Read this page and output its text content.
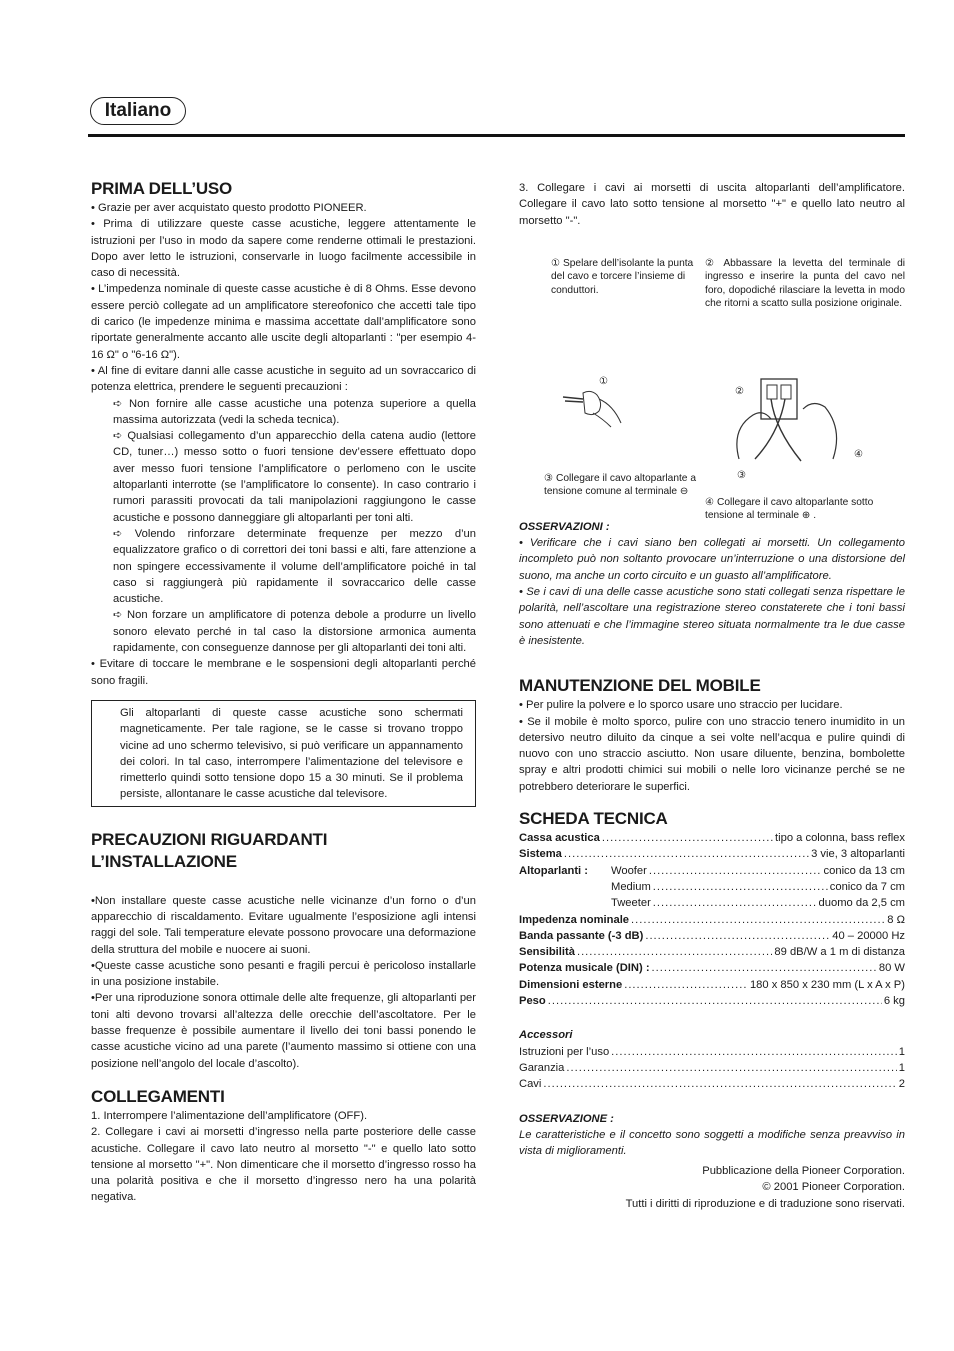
Italiano
PRIMA DELL’USO

• Grazie per aver acquistato questo prodotto PIONEER.

• Prima di utilizzare queste casse acustiche, leggere attentamente le istruzioni per l’uso in modo da sapere come renderne ottimali le prestazioni. Dopo aver letto le istruzioni, conservarle in luogo facilmente accessibile in caso di necessità.

• L’impedenza nominale di queste casse acustiche è di 8 Ohms. Esse devono essere perciò collegate ad un amplificatore stereofonico che accetti tale tipo di carico (le impedenze minima e massima accettate dall’amplificatore sono riportate generalmente accanto alle uscite degli altoparlanti : "per esempio 4-16 Ω" o "6-16 Ω").

• Al fine di evitare danni alle casse acustiche in seguito ad un sovraccarico di potenza elettrica, prendere le seguenti precauzioni :

➪ Non fornire alle casse acustiche una potenza superiore a quella massima autorizzata (vedi la scheda tecnica).

➪ Qualsiasi collegamento d’un apparecchio della catena audio (lettore CD, tuner…) messo sotto o fuori tensione dev’essere effettuato dopo aver messo fuori tensione l’amplificatore o perlomeno con le uscite altoparlanti interrotte (se l’amplificatore lo consente). In caso contrario i rumori parassiti provocati da tali manipolazioni raggiungono le casse acustiche e possono danneggiare gli altoparlanti per toni alti.

➪ Volendo rinforzare determinate frequenze per mezzo d’un equalizzatore grafico o di correttori dei toni bassi e alti, fare attenzione a non spingere eccessivamente il volume dell’amplificatore poiché in tal caso si raggiungerà più rapidamente il sovraccarico delle casse acustiche.

➪ Non forzare un amplificatore di potenza debole a produrre un livello sonoro elevato perché in tal caso la distorsione armonica aumenta rapidamente, con conseguenze dannose per gli altoparlanti dei toni alti.

• Evitare di toccare le membrane e le sospensioni degli altoparlanti perché sono fragili.

Gli altoparlanti di queste casse acustiche sono schermati magneticamente. Per tale ragione, se le casse si trovano troppo vicine ad uno schermo televisivo, si può verificare un appannamento dei colori. In tal caso, interrompere l’alimentazione del televisore e rimetterlo quindi sotto tensione dopo 15 a 30 minuti. Se il problema persiste, allontanare le casse acustiche dal televisore.
PRECAUZIONI RIGUARDANTI L’INSTALLAZIONE

•Non installare queste casse acustiche nelle vicinanze d’un forno o d’un apparecchio di riscaldamento. Evitare ugualmente l’esposizione agli intensi raggi del sole. Tali temperature elevate possono provocare una deformazione della struttura del mobile e nuocere ai suoni.

•Queste casse acustiche sono pesanti e fragili percui è pericoloso installarle in una posizione instabile.

•Per una riproduzione sonora ottimale delle alte frequenze, gli altoparlanti per toni alti devono trovarsi all’altezza delle orecchie dell’ascoltatore. Per le basse frequenze è possibile aumentare il livello dei toni bassi ponendo le casse acustiche vicino ad una parete (l’aumento massimo si ottiene con una posizione nell’angolo del locale d’ascolto).

COLLEGAMENTI

1. Interrompere l’alimentazione dell’amplificatore (OFF).

2. Collegare i cavi ai morsetti d’ingresso nella parte posteriore delle casse acustiche. Collegare il cavo lato neutro al morsetto "-" e quello lato sotto tensione al morsetto "+". Non dimenticare che il morsetto d’ingresso rosso ha una polarità positiva e che il morsetto d’ingresso nero ha una polarità negativa.

3. Collegare i cavi ai morsetti di uscita altoparlanti dell’amplificatore. Collegare il cavo lato sotto tensione al morsetto "+" e quello lato neutro al morsetto "-".

① Spelare dell’isolante la punta del cavo e torcere l’insieme di conduttori.
② Abbassare la levetta del terminale di ingresso e inserire la punta del cavo nel foro, dopodiché rilasciare la levetta in modo che ritorni a scatto sulla posizione originale.
①
②
④
③
③ Collegare il cavo altoparlante a tensione comune al terminale ⊖
④ Collegare il cavo altoparlante sotto tensione al terminale ⊕ .

OSSERVAZIONI :

• Verificare che i cavi siano ben collegati ai morsetti. Un collegamento incompleto può non soltanto provocare un’interruzione o una distorsione del suono, ma anche un corto circuito e un guasto all’amplificatore.

• Se i cavi di una delle casse acustiche sono stati collegati senza rispettare le polarità, nell’ascoltare una registrazione stereo constaterete che i toni bassi sono attenuati e che l’immagine stereo situata normalmente tra le due casse è inesistente.

MANUTENZIONE DEL MOBILE

• Per pulire la polvere e lo sporco usare uno straccio per lucidare.

• Se il mobile è molto sporco, pulire con uno straccio tenero inumidito in un detersivo neutro diluito da cinque a sei volte nell’acqua e pulire quindi di nuovo con uno straccio asciutto. Non usare diluente, benzina, bombolette spray e altri prodotti chimici sui mobili o nelle loro vicinanze perché se ne potrebbero deteriorare le superfici.

SCHEDA TECNICA
Cassa acustica .....	tipo a colonna, bass reflex
Sistema .....	3 vie, 3 altoparlanti
Altoparlanti :	Woofer .....	conico da 13 cm
Medium .....	conico da 7 cm
Tweeter .....	duomo da 2,5 cm
Impedenza nominale .....	8 Ω
Banda passante (-3 dB) .....	40 – 20000 Hz
Sensibilità .....	89 dB/W a 1 m di distanza
Potenza musicale (DIN) : .....	80 W
Dimensioni esterne .....	180 x 850 x 230 mm (L x A x P)
Peso .....	6 kg

Accessori

Istruzioni per l’uso .....	1
Garanzia .....	1
Cavi .....	2

OSSERVAZIONE :

Le caratteristiche e il concetto sono soggetti a modifiche senza preavviso in vista di miglioramenti.

Pubblicazione della Pioneer Corporation.
© 2001 Pioneer Corporation.
Tutti i diritti di riproduzione e di traduzione sono riservati.
